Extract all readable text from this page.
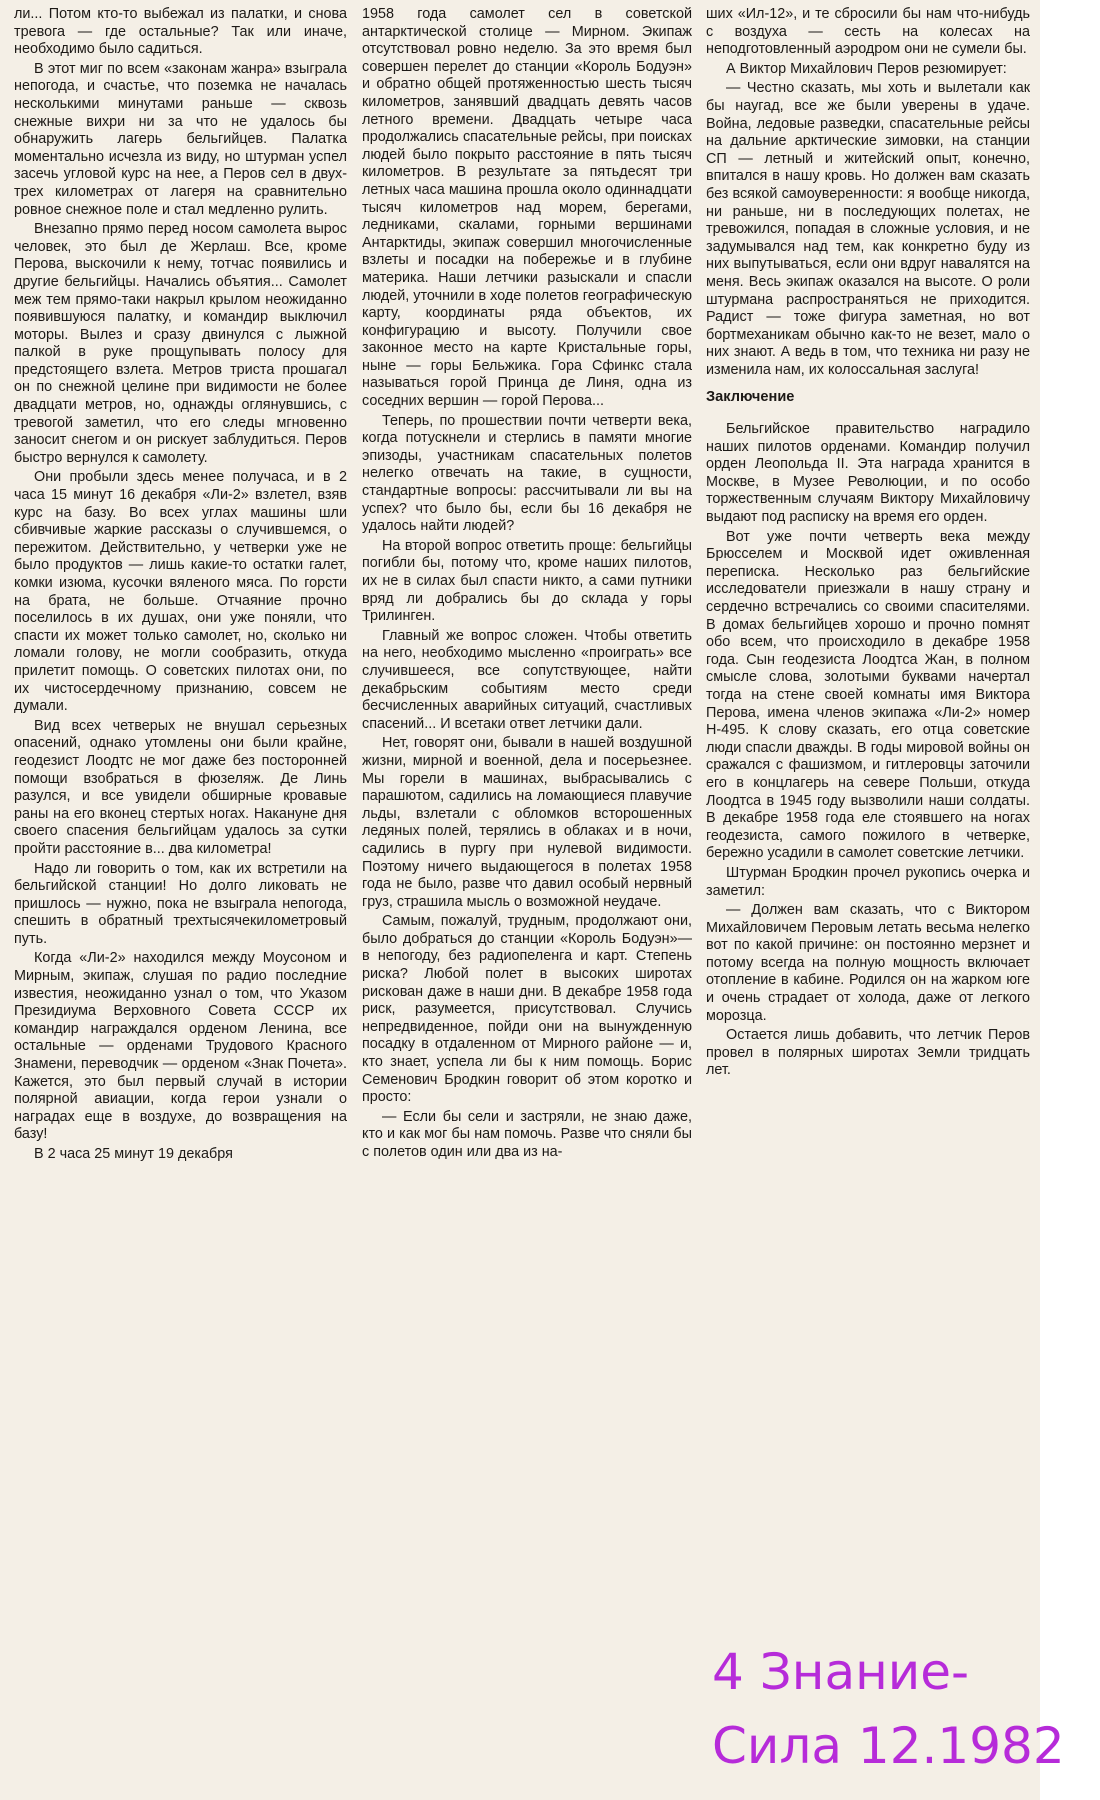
ли... Потом кто-то выбежал из палатки, и снова тревога — где остальные? Так или иначе, необходимо было садиться.

В этот миг по всем «законам жанра» взыграла непогода, и счастье, что поземка не началась несколькими минутами раньше — сквозь снежные вихри ни за что не удалось бы обнаружить лагерь бельгийцев. Палатка моментально исчезла из виду, но штурман успел засечь угловой курс на нее, а Перов сел в двух-трех километрах от лагеря на сравнительно ровное снежное поле и стал медленно рулить.

Внезапно прямо перед носом самолета вырос человек, это был де Жерлаш. Все, кроме Перова, выскочили к нему, тотчас появились и другие бельгийцы. Начались объятия... Самолет меж тем прямо-таки накрыл крылом неожиданно появившуюся палатку, и командир выключил моторы. Вылез и сразу двинулся с лыжной палкой в руке прощупывать полосу для предстоящего взлета. Метров триста прошагал он по снежной целине при видимости не более двадцати метров, но, однажды оглянувшись, с тревогой заметил, что его следы мгновенно заносит снегом и он рискует заблудиться. Перов быстро вернулся к самолету.

Они пробыли здесь менее получаса, и в 2 часа 15 минут 16 декабря «Ли-2» взлетел, взяв курс на базу. Во всех углах машины шли сбивчивые жаркие рассказы о случившемся, о пережитом. Действительно, у четверки уже не было продуктов — лишь какие-то остатки галет, комки изюма, кусочки вяленого мяса. По горсти на брата, не больше. Отчаяние прочно поселилось в их душах, они уже поняли, что спасти их может только самолет, но, сколько ни ломали голову, не могли сообразить, откуда прилетит помощь. О советских пилотах они, по их чистосердечному признанию, совсем не думали.

Вид всех четверых не внушал серьезных опасений, однако утомлены они были крайне, геодезист Лоодтс не мог даже без посторонней помощи взобраться в фюзеляж. Де Линь разулся, и все увидели обширные кровавые раны на его вконец стертых ногах. Накануне дня своего спасения бельгийцам удалось за сутки пройти расстояние в... два километра!

Надо ли говорить о том, как их встретили на бельгийской станции! Но долго ликовать не пришлось — нужно, пока не взыграла непогода, спешить в обратный трехтысячекилометровый путь.

Когда «Ли-2» находился между Моусоном и Мирным, экипаж, слушая по радио последние известия, неожиданно узнал о том, что Указом Президиума Верховного Совета СССР их командир награждался орденом Ленина, все остальные — орденами Трудового Красного Знамени, переводчик — орденом «Знак Почета». Кажется, это был первый случай в истории полярной авиации, когда герои узнали о наградах еще в воздухе, до возвращения на базу!

В 2 часа 25 минут 19 декабря

1958 года самолет сел в советской антарктической столице — Мирном. Экипаж отсутствовал ровно неделю. За это время был совершен перелет до станции «Король Бодуэн» и обратно общей протяженностью шесть тысяч километров, занявший двадцать девять часов летного времени. Двадцать четыре часа продолжались спасательные рейсы, при поисках людей было покрыто расстояние в пять тысяч километров. В результате за пятьдесят три летных часа машина прошла около одиннадцати тысяч километров над морем, берегами, ледниками, скалами, горными вершинами Антарктиды, экипаж совершил многочисленные взлеты и посадки на побережье и в глубине материка. Наши летчики разыскали и спасли людей, уточнили в ходе полетов географическую карту, координаты ряда объектов, их конфигурацию и высоту. Получили свое законное место на карте Кристальные горы, ныне — горы Бельжика. Гора Сфинкс стала называться горой Принца де Линя, одна из соседних вершин — горой Перова...

Теперь, по прошествии почти четверти века, когда потускнели и стерлись в памяти многие эпизоды, участникам спасательных полетов нелегко отвечать на такие, в сущности, стандартные вопросы: рассчитывали ли вы на успех? что было бы, если бы 16 декабря не удалось найти людей?

На второй вопрос ответить проще: бельгийцы погибли бы, потому что, кроме наших пилотов, их не в силах был спасти никто, а сами путники вряд ли добрались бы до склада у горы Трилинген.

Главный же вопрос сложен. Чтобы ответить на него, необходимо мысленно «проиграть» все случившееся, все сопутствующее, найти декабрьским событиям место среди бесчисленных аварийных ситуаций, счастливых спасений... И всетаки ответ летчики дали.

Нет, говорят они, бывали в нашей воздушной жизни, мирной и военной, дела и посерьезнее. Мы горели в машинах, выбрасывались с парашютом, садились на ломающиеся плавучие льды, взлетали с обломков всторошенных ледяных полей, терялись в облаках и в ночи, садились в пургу при нулевой видимости. Поэтому ничего выдающегося в полетах 1958 года не было, разве что давил особый нервный груз, страшила мысль о возможной неудаче.

Самым, пожалуй, трудным, продолжают они, было добраться до станции «Король Бодуэн»— в непогоду, без радиопеленга и карт. Степень риска? Любой полет в высоких широтах рискован даже в наши дни. В декабре 1958 года риск, разумеется, присутствовал. Случись непредвиденное, пойди они на вынужденную посадку в отдаленном от Мирного районе — и, кто знает, успела ли бы к ним помощь. Борис Семенович Бродкин говорит об этом коротко и просто:

— Если бы сели и застряли, не знаю даже, кто и как мог бы нам помочь. Разве что сняли бы с полетов один или два из на-

ших «Ил-12», и те сбросили бы нам что-нибудь с воздуха — сесть на колесах на неподготовленный аэродром они не сумели бы.

А Виктор Михайлович Перов резюмирует:

— Честно сказать, мы хоть и вылетали как бы наугад, все же были уверены в удаче. Война, ледовые разведки, спасательные рейсы на дальние арктические зимовки, на станции СП — летный и житейский опыт, конечно, впитался в нашу кровь. Но должен вам сказать без всякой самоуверенности: я вообще никогда, ни раньше, ни в последующих полетах, не тревожился, попадая в сложные условия, и не задумывался над тем, как конкретно буду из них выпутываться, если они вдруг навалятся на меня. Весь экипаж оказался на высоте. О роли штурмана распространяться не приходится. Радист — тоже фигура заметная, но вот бортмеханикам обычно как-то не везет, мало о них знают. А ведь в том, что техника ни разу не изменила нам, их колоссальная заслуга!

Заключение

Бельгийское правительство наградило наших пилотов орденами. Командир получил орден Леопольда II. Эта награда хранится в Москве, в Музее Революции, и по особо торжественным случаям Виктору Михайловичу выдают под расписку на время его орден.

Вот уже почти четверть века между Брюсселем и Москвой идет оживленная переписка. Несколько раз бельгийские исследователи приезжали в нашу страну и сердечно встречались со своими спасителями. В домах бельгийцев хорошо и прочно помнят обо всем, что происходило в декабре 1958 года. Сын геодезиста Лоодтса Жан, в полном смысле слова, золотыми буквами начертал тогда на стене своей комнаты имя Виктора Перова, имена членов экипажа «Ли-2» номер Н-495. К слову сказать, его отца советские люди спасли дважды. В годы мировой войны он сражался с фашизмом, и гитлеровцы заточили его в концлагерь на севере Польши, откуда Лоодтса в 1945 году вызволили наши солдаты. В декабре 1958 года еле стоявшего на ногах геодезиста, самого пожилого в четверке, бережно усадили в самолет советские летчики.

Штурман Бродкин прочел рукопись очерка и заметил:

— Должен вам сказать, что с Виктором Михайловичем Перовым летать весьма нелегко вот по какой причине: он постоянно мерзнет и потому всегда на полную мощность включает отопление в кабине. Родился он на жарком юге и очень страдает от холода, даже от легкого морозца.

Остается лишь добавить, что летчик Перов провел в полярных широтах Земли тридцать лет.

4 Знание-
Сила 12.1982
